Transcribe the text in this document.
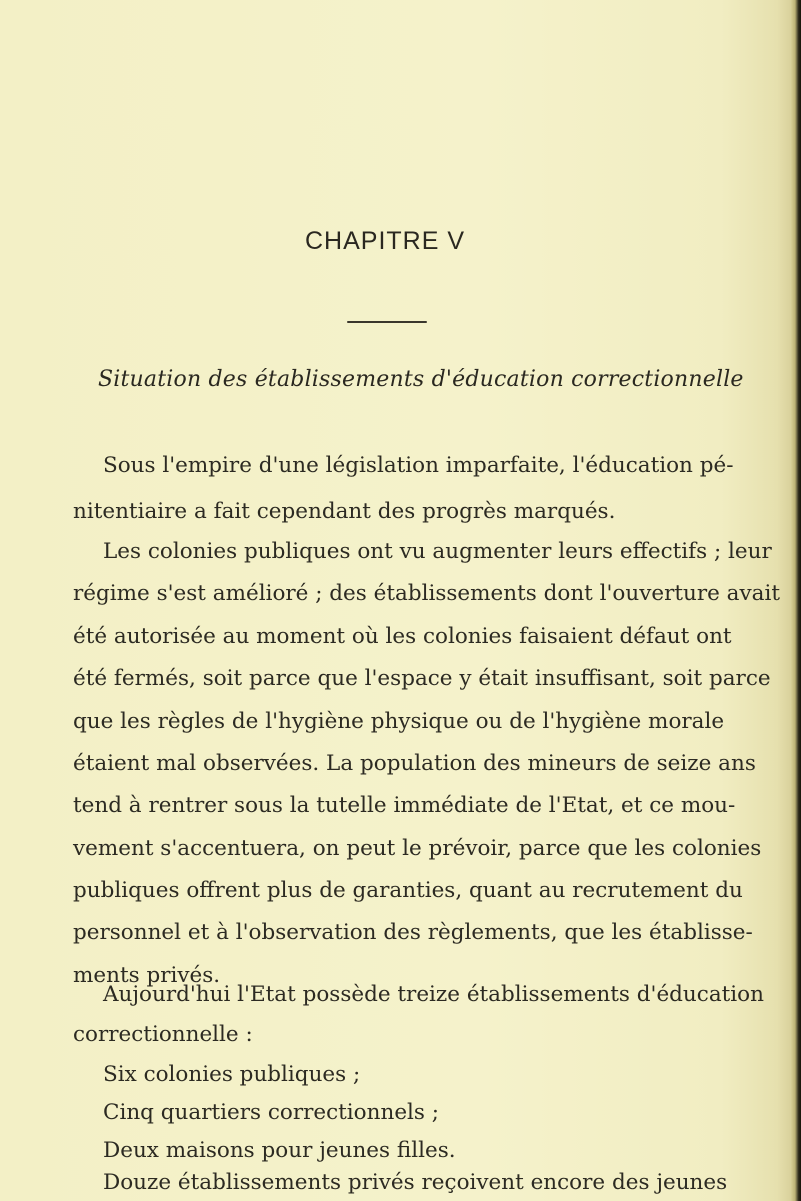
CHAPITRE V
Situation des établissements d'éducation correctionnelle
Sous l'empire d'une législation imparfaite, l'éducation pé-
nitentiaire a fait cependant des progrès marqués.
Les colonies publiques ont vu augmenter leurs effectifs ; leur
régime s'est amélioré ; des établissements dont l'ouverture avait
été autorisée au moment où les colonies faisaient défaut ont
été fermés, soit parce que l'espace y était insuffisant, soit parce
que les règles de l'hygiène physique ou de l'hygiène morale
étaient mal observées. La population des mineurs de seize ans
tend à rentrer sous la tutelle immédiate de l'Etat, et ce mou-
vement s'accentuera, on peut le prévoir, parce que les colonies
publiques offrent plus de garanties, quant au recrutement du
personnel et à l'observation des règlements, que les établisse-
ments privés.
Aujourd'hui l'Etat possède treize établissements d'éducation
correctionnelle :
Six colonies publiques ;
Cinq quartiers correctionnels ;
Deux maisons pour jeunes filles.
Douze établissements privés reçoivent encore des jeunes
